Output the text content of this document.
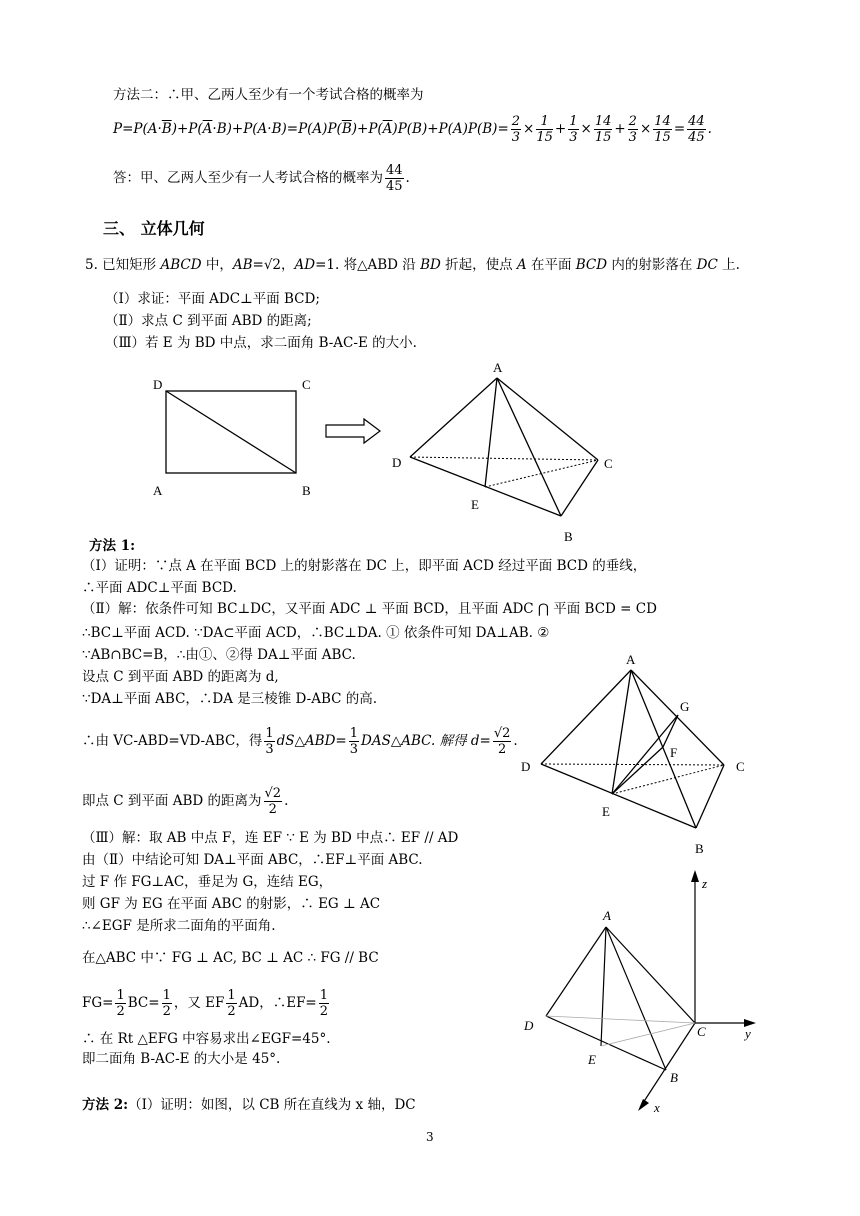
方法二：∴甲、乙两人至少有一个考试合格的概率为
$P=P(A\cdot\overline{B})+P(\overline{A}\cdot B)+P(A\cdot B)=P(A)P(\overline{B})+P(\overline{A})P(B)+P(A)P(B)= \frac{2}{3} \times \frac{1}{15} + \frac{1}{3} \times \frac{14}{15} + \frac{2}{3} \times \frac{14}{15} = \frac{44}{45}$ .
答：甲、乙两人至少有一人考试合格的概率为 $\frac{44}{45}$ .
三、 立体几何
5. 已知矩形 ABCD 中，AB=√2，AD=1. 将△ABD 沿 BD 折起，使点 A 在平面 BCD 内的射影落在 DC 上.
（Ⅰ）求证：平面 ADC⊥平面 BCD;
（Ⅱ）求点 C 到平面 ABD 的距离;
（Ⅲ）若 E 为 BD 中点，求二面角 B-AC-E 的大小.
D	C
A	B
A
D	C
E
B
方法 1:
（Ⅰ）证明：∵点 A 在平面 BCD 上的射影落在 DC 上，即平面 ACD 经过平面 BCD 的垂线，
∴平面 ADC⊥平面 BCD.
（Ⅱ）解：依条件可知 BC⊥DC，又平面 ADC ⊥ 平面 BCD，且平面 ADC ⋂ 平面 BCD = CD
∴BC⊥平面 ACD. ∵DA⊂平面 ACD，∴BC⊥DA. ① 依条件可知 DA⊥AB. ②
∵AB∩BC=B，∴由①、②得 DA⊥平面 ABC.
设点 C 到平面 ABD 的距离为 d,
∵DA⊥平面 ABC，∴DA 是三棱锥 D-ABC 的高.
∴由 VC-ABD=VD-ABC，得 $\frac{1}{3}$ dS△ABD= $\frac{1}{3}$ DAS△ABC. 解得 $d= \frac{√2}{2}$ .
即点 C 到平面 ABD 的距离为 $\frac{√2}{2}$ .
（Ⅲ）解：取 AB 中点 F，连 EF ∵ E 为 BD 中点∴ EF // AD
由（Ⅱ）中结论可知 DA⊥平面 ABC，∴EF⊥平面 ABC.
过 F 作 FG⊥AC，垂足为 G，连结 EG，
则 GF 为 EG 在平面 ABC 的射影，∴ EG ⊥ AC
∴∠EGF 是所求二面角的平面角.
在△ABC 中∵ FG ⊥ AC, BC ⊥ AC ∴ FG // BC
$FG= \frac{1}{2} BC= \frac{1}{2}$ ，又 EF $\frac{1}{2}$ AD，∴EF= $\frac{1}{2}$
∴ 在 Rt △EFG 中容易求出∠EGF=45°.
即二面角 B-AC-E 的大小是 45°.
方法 2:（Ⅰ）证明：如图，以 CB 所在直线为 x 轴，DC
A
G
F
D	C
E
B
z
A
D	C	y
E
B
x
3
